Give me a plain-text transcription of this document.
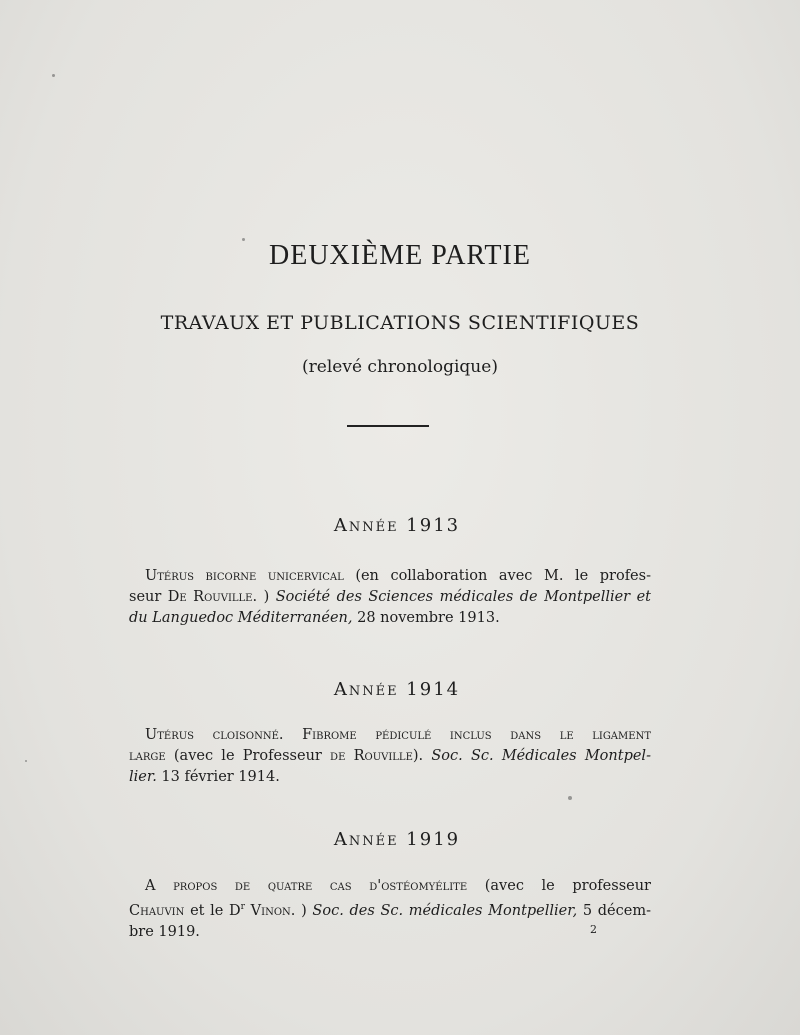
DEUXIÈME PARTIE
TRAVAUX ET PUBLICATIONS SCIENTIFIQUES
(relevé chronologique)
Année 1913
Utérus bicorne unicervical (en collaboration avec M. le profes-
seur De Rouville. ) Société des Sciences médicales de Montpellier et
du Languedoc Méditerranéen, 28 novembre 1913.
Année 1914
Utérus cloisonné. Fibrome pédiculé inclus dans le ligament
large (avec le Professeur de Rouville). Soc. Sc. Médicales Montpel-
lier. 13 février 1914.
Année 1919
A propos de quatre cas d'ostéomyélite (avec le professeur
Chauvin et le $D^r$ Vinon. ) Soc. des Sc. médicales Montpellier, 5 décem-
bre 1919.	2
